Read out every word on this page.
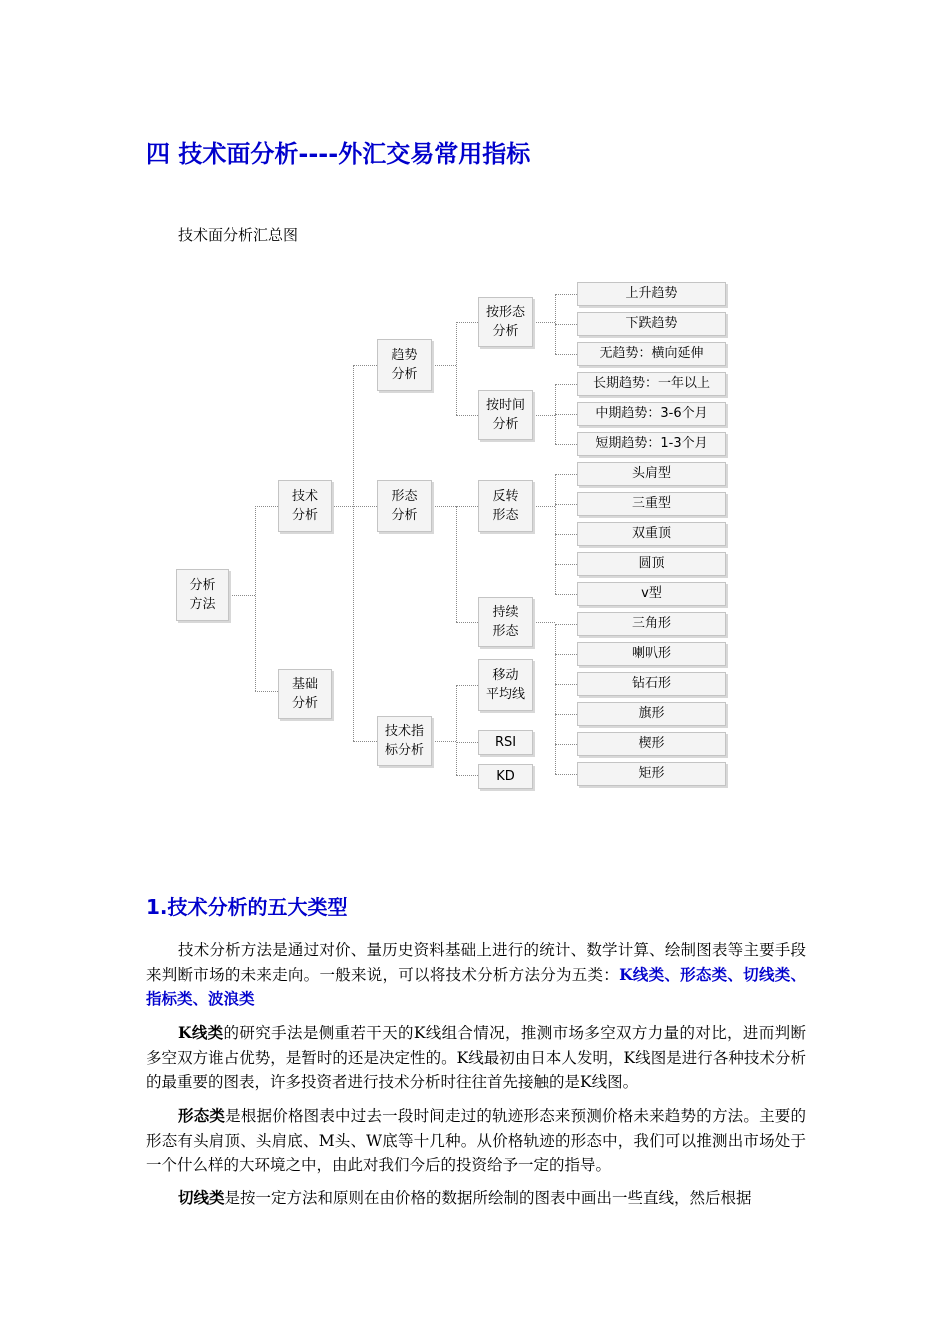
四 技术面分析----外汇交易常用指标
技术面分析汇总图
分析
方法
技术
分析
基础
分析
趋势
分析
形态
分析
技术指
标分析
按形态
分析
按时间
分析
反转
形态
持续
形态
移动
平均线
RSI
KD
上升趋势
下跌趋势
无趋势：横向延伸
长期趋势：一年以上
中期趋势：3-6个月
短期趋势：1-3个月
头肩型
三重型
双重顶
圆顶
v型
三角形
喇叭形
钻石形
旗形
楔形
矩形
1.技术分析的五大类型

技术分析方法是通过对价、量历史资料基础上进行的统计、数学计算、绘制图表等主要手段来判断市场的未来走向。一般来说，可以将技术分析方法分为五类：K线类、形态类、切线类、指标类、波浪类

K线类的研究手法是侧重若干天的K线组合情况，推测市场多空双方力量的对比，进而判断多空双方谁占优势，是暂时的还是决定性的。K线最初由日本人发明，K线图是进行各种技术分析的最重要的图表，许多投资者进行技术分析时往往首先接触的是K线图。

形态类是根据价格图表中过去一段时间走过的轨迹形态来预测价格未来趋势的方法。主要的形态有头肩顶、头肩底、M头、W底等十几种。从价格轨迹的形态中，我们可以推测出市场处于一个什么样的大环境之中，由此对我们今后的投资给予一定的指导。

切线类是按一定方法和原则在由价格的数据所绘制的图表中画出一些直线，然后根据
